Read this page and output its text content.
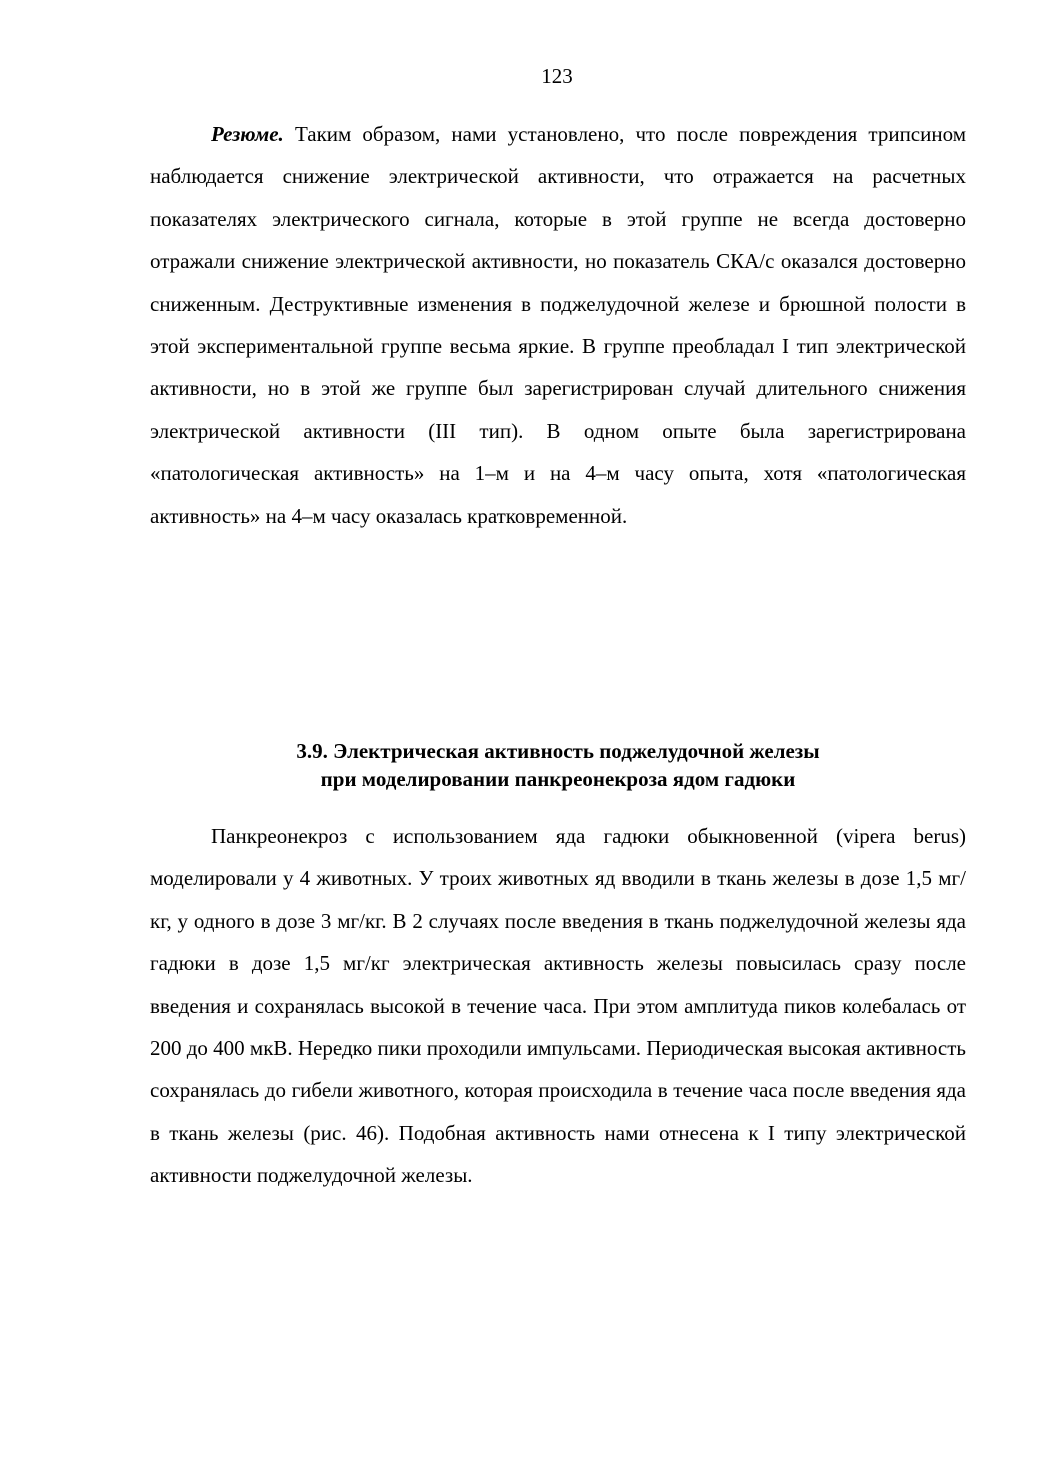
123

Резюме. Таким образом, нами установлено, что после повреждения трипсином наблюдается снижение электрической активности, что отражается на расчетных показателях электрического сигнала, которые в этой группе не всегда достоверно отражали снижение электрической активности, но показатель СКА/с оказался достоверно сниженным. Деструктивные изменения в поджелудочной железе и брюшной полости в этой экспериментальной группе весьма яркие. В группе преобладал I тип электрической активности, но в этой же группе был зарегистрирован случай длительного снижения электрической активности (III тип). В одном опыте была зарегистрирована «патологическая активность» на 1–м и на 4–м часу опыта, хотя «патологическая активность» на 4–м часу оказалась кратковременной.

3.9. Электрическая активность поджелудочной железы
при моделировании панкреонекроза ядом гадюки

Панкреонекроз с использованием яда гадюки обыкновенной (vipera berus) моделировали у 4 животных. У троих животных яд вводили в ткань железы в дозе 1,5 мг/кг, у одного в дозе 3 мг/кг. В 2 случаях после введения в ткань поджелудочной железы яда гадюки в дозе 1,5 мг/кг электрическая активность железы повысилась сразу после введения и сохранялась высокой в течение часа. При этом амплитуда пиков колебалась от 200 до 400 мкВ. Нередко пики проходили импульсами. Периодическая высокая активность сохранялась до гибели животного, которая происходила в течение часа после введения яда в ткань железы (рис. 46). Подобная активность нами отнесена к I типу электрической активности поджелудочной железы.
